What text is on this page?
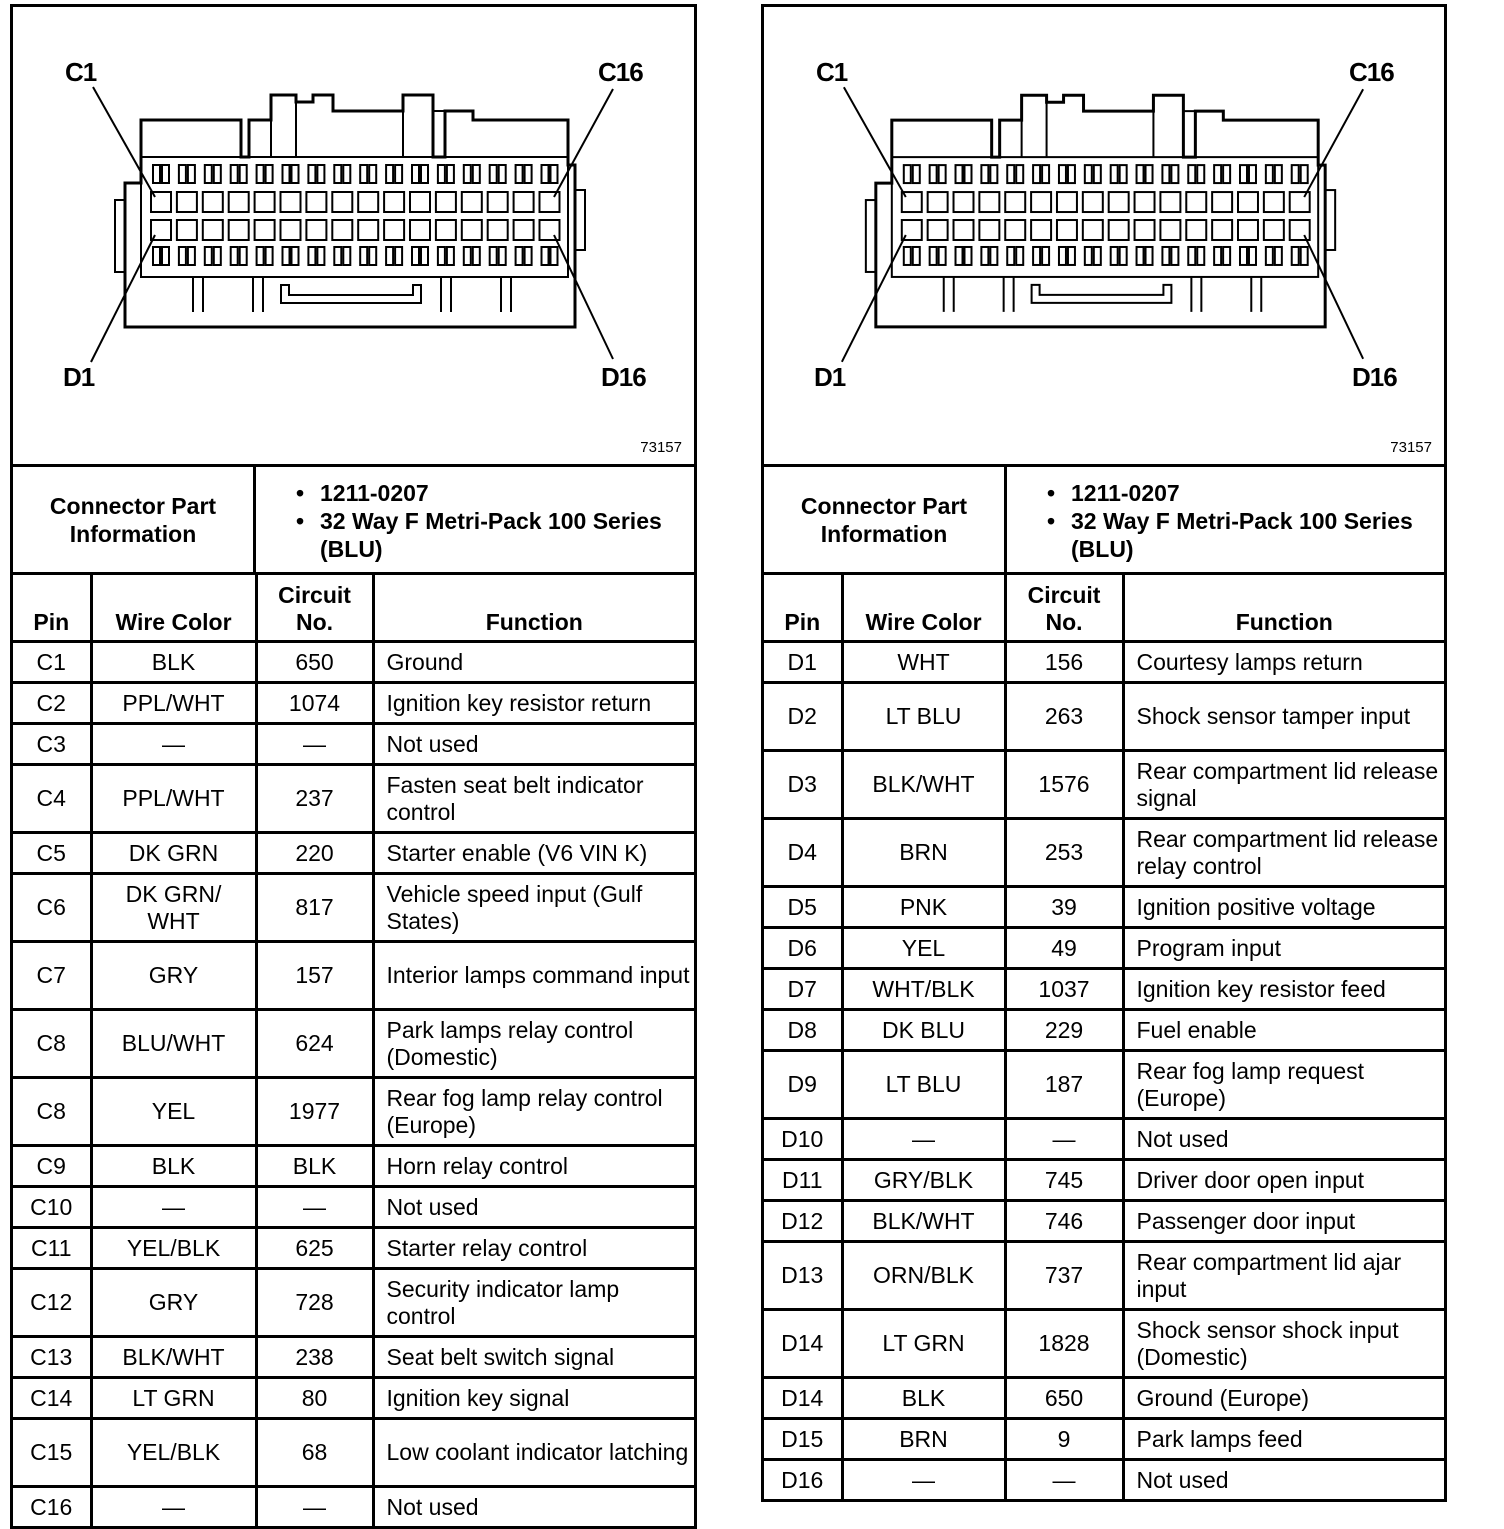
C1	C16
D1	D16
73157
Connector Part Information
• 1211-0207
• 32 Way F Metri-Pack 100 Series (BLU)
Pin	Wire Color	Circuit No.	Function
C1	BLK	650	Ground
C2	PPL/WHT	1074	Ignition key resistor return
C3	—	—	Not used
C4	PPL/WHT	237	Fasten seat belt indicator control
C5	DK GRN	220	Starter enable (V6 VIN K)
C6	DK GRN/ WHT	817	Vehicle speed input (Gulf States)
C7	GRY	157	Interior lamps command input
C8	BLU/WHT	624	Park lamps relay control (Domestic)
C8	YEL	1977	Rear fog lamp relay control (Europe)
C9	BLK	BLK	Horn relay control
C10	—	—	Not used
C11	YEL/BLK	625	Starter relay control
C12	GRY	728	Security indicator lamp control
C13	BLK/WHT	238	Seat belt switch signal
C14	LT GRN	80	Ignition key signal
C15	YEL/BLK	68	Low coolant indicator latching
C16	—	—	Not used
C1	C16
D1	D16
73157
Connector Part Information
• 1211-0207
• 32 Way F Metri-Pack 100 Series (BLU)
Pin	Wire Color	Circuit No.	Function
D1	WHT	156	Courtesy lamps return
D2	LT BLU	263	Shock sensor tamper input
D3	BLK/WHT	1576	Rear compartment lid release signal
D4	BRN	253	Rear compartment lid release relay control
D5	PNK	39	Ignition positive voltage
D6	YEL	49	Program input
D7	WHT/BLK	1037	Ignition key resistor feed
D8	DK BLU	229	Fuel enable
D9	LT BLU	187	Rear fog lamp request (Europe)
D10	—	—	Not used
D11	GRY/BLK	745	Driver door open input
D12	BLK/WHT	746	Passenger door input
D13	ORN/BLK	737	Rear compartment lid ajar input
D14	LT GRN	1828	Shock sensor shock input (Domestic)
D14	BLK	650	Ground (Europe)
D15	BRN	9	Park lamps feed
D16	—	—	Not used
